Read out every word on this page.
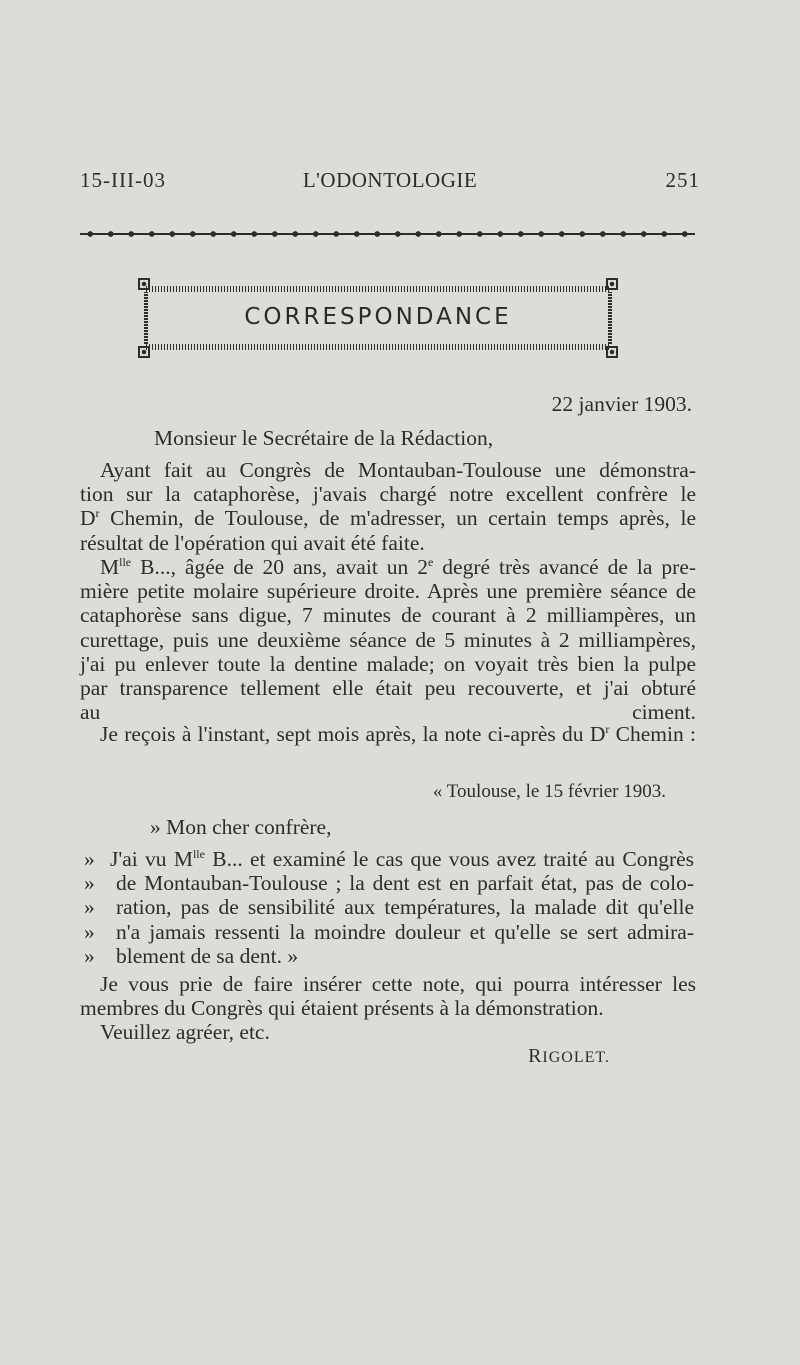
15-III-03	L'ODONTOLOGIE	251
CORRESPONDANCE
22 janvier 1903.
Monsieur le Secrétaire de la Rédaction,
Ayant fait au Congrès de Montauban-Toulouse une démonstra-
tion sur la cataphorèse, j'avais chargé notre excellent confrère le
$D^r$ Chemin, de Toulouse, de m'adresser, un certain temps après, le
résultat de l'opération qui avait été faite.
$M^{lle}$ B..., âgée de 20 ans, avait un 2e degré très avancé de la pre-
mière petite molaire supérieure droite. Après une première séance de
cataphorèse sans digue, 7 minutes de courant à 2 milliampères, un
curettage, puis une deuxième séance de 5 minutes à 2 milliampères,
j'ai pu enlever toute la dentine malade; on voyait très bien la pulpe
par transparence tellement elle était peu recouverte, et j'ai obturé
au ciment.
Je reçois à l'instant, sept mois après, la note ci-après du $D^r$ Chemin :
« Toulouse, le 15 février 1903.
» Mon cher confrère,
» J'ai vu $M^{lle}$ B... et examiné le cas que vous avez traité au Congrès
» de Montauban-Toulouse ; la dent est en parfait état, pas de colo-
» ration, pas de sensibilité aux températures, la malade dit qu'elle
» n'a jamais ressenti la moindre douleur et qu'elle se sert admira-
» blement de sa dent. »
Je vous prie de faire insérer cette note, qui pourra intéresser les
membres du Congrès qui étaient présents à la démonstration.
Veuillez agréer, etc.
RIGOLET.
